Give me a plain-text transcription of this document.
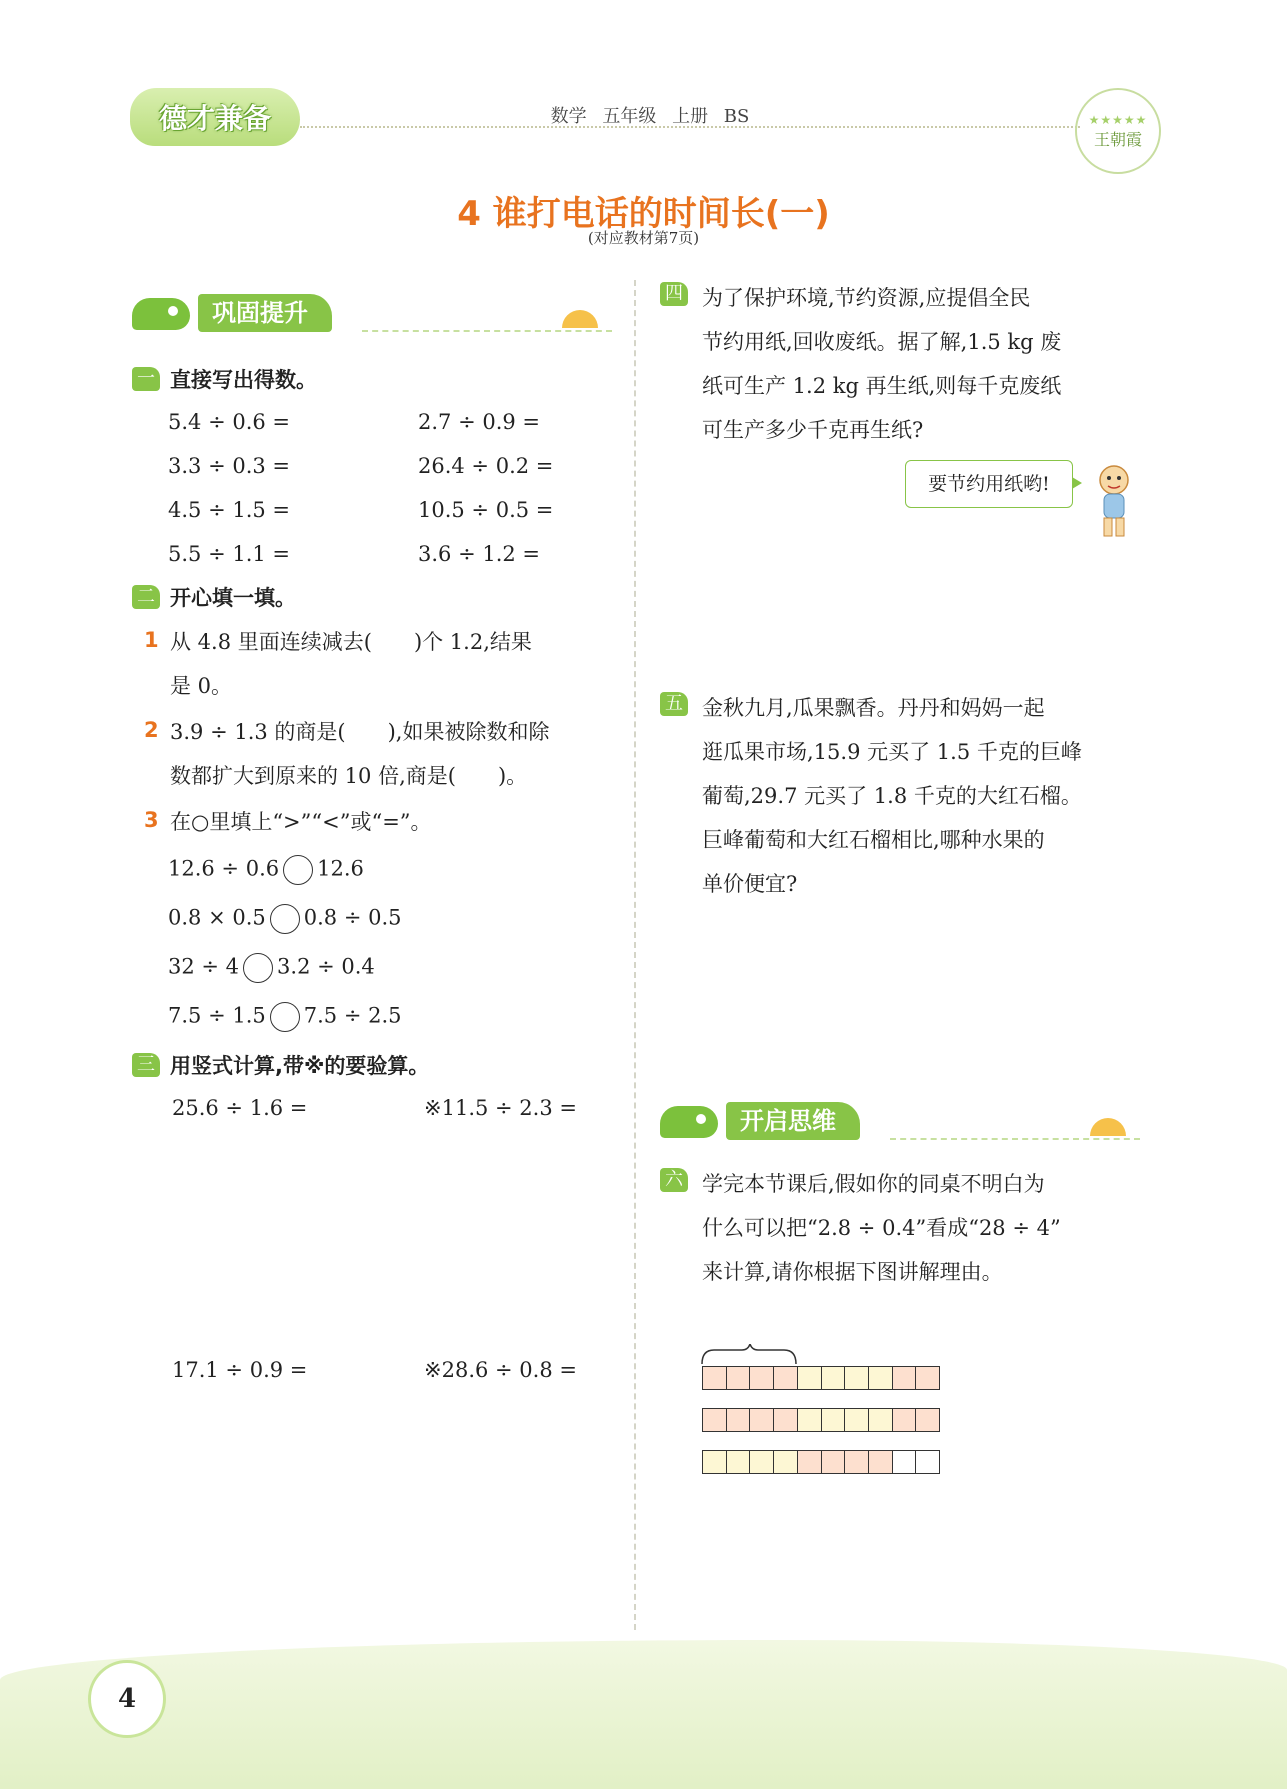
德才兼备	数学 五年级 上册 BS	★★★★★
王朝霞
4 谁打电话的时间长(一)
(对应教材第7页)
巩固提升
一 直接写出得数。
5.4 ÷ 0.6 =	2.7 ÷ 0.9 =
3.3 ÷ 0.3 =	26.4 ÷ 0.2 =
4.5 ÷ 1.5 =	10.5 ÷ 0.5 =
5.5 ÷ 1.1 =	3.6 ÷ 1.2 =
二 开心填一填。
1 从 4.8 里面连续减去(　　)个 1.2,结果
是 0。
2 3.9 ÷ 1.3 的商是(　　),如果被除数和除
数都扩大到原来的 10 倍,商是(　　)。
3 在○里填上“>”“<”或“=”。
12.6 ÷ 0.6 12.6
0.8 × 0.5 0.8 ÷ 0.5
32 ÷ 4 3.2 ÷ 0.4
7.5 ÷ 1.5 7.5 ÷ 2.5
三 用竖式计算,带※的要验算。
25.6 ÷ 1.6 =	※11.5 ÷ 2.3 =
17.1 ÷ 0.9 =	※28.6 ÷ 0.8 =
四 为了保护环境,节约资源,应提倡全民
节约用纸,回收废纸。据了解,1.5 kg 废
纸可生产 1.2 kg 再生纸,则每千克废纸
可生产多少千克再生纸?
要节约用纸哟!
五 金秋九月,瓜果飘香。丹丹和妈妈一起
逛瓜果市场,15.9 元买了 1.5 千克的巨峰
葡萄,29.7 元买了 1.8 千克的大红石榴。
巨峰葡萄和大红石榴相比,哪种水果的
单价便宜?
开启思维
六 学完本节课后,假如你的同桌不明白为
什么可以把“2.8 ÷ 0.4”看成“28 ÷ 4”
来计算,请你根据下图讲解理由。
4
